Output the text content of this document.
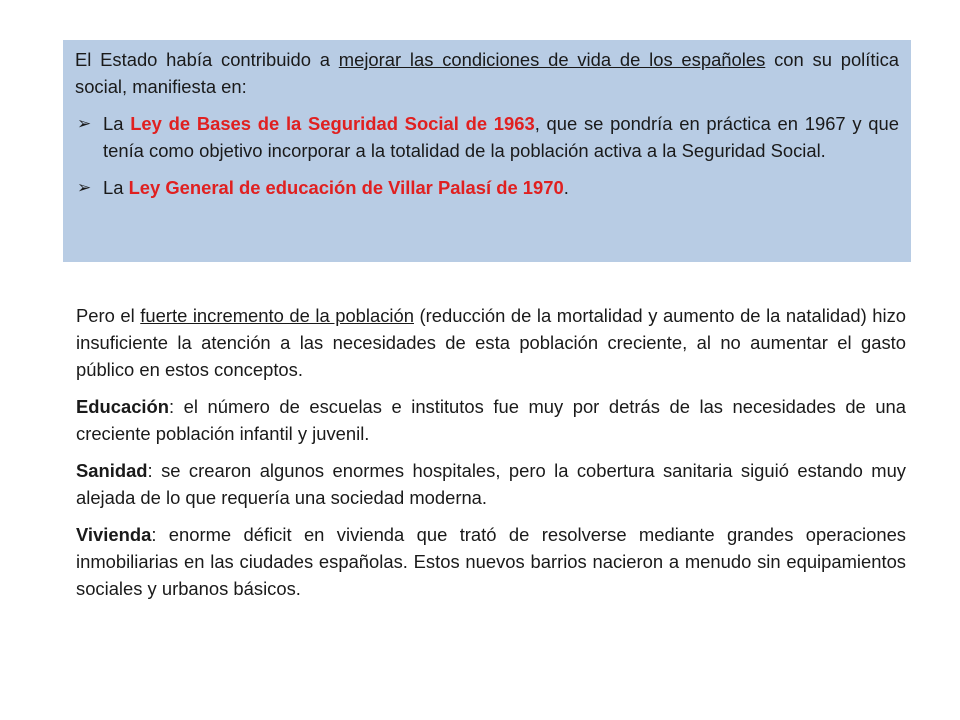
El Estado había contribuido a mejorar las condiciones de vida de los españoles con su política social, manifiesta en:

➢ La Ley de Bases de la Seguridad Social de 1963, que se pondría en práctica en 1967 y que tenía como objetivo incorporar a la totalidad de la población activa a la Seguridad Social.

➢ La Ley General de educación de Villar Palasí de 1970.

Pero el fuerte incremento de la población (reducción de la mortalidad y aumento de la natalidad) hizo insuficiente la atención a las necesidades de esta población creciente, al no aumentar el gasto público en estos conceptos.

Educación: el número de escuelas e institutos fue muy por detrás de las necesidades de una creciente población infantil y juvenil.

Sanidad: se crearon algunos enormes hospitales, pero la cobertura sanitaria siguió estando muy alejada de lo que requería una sociedad moderna.

Vivienda: enorme déficit en vivienda que trató de resolverse mediante grandes operaciones inmobiliarias en las ciudades españolas. Estos nuevos barrios nacieron a menudo sin equipamientos sociales y urbanos básicos.
